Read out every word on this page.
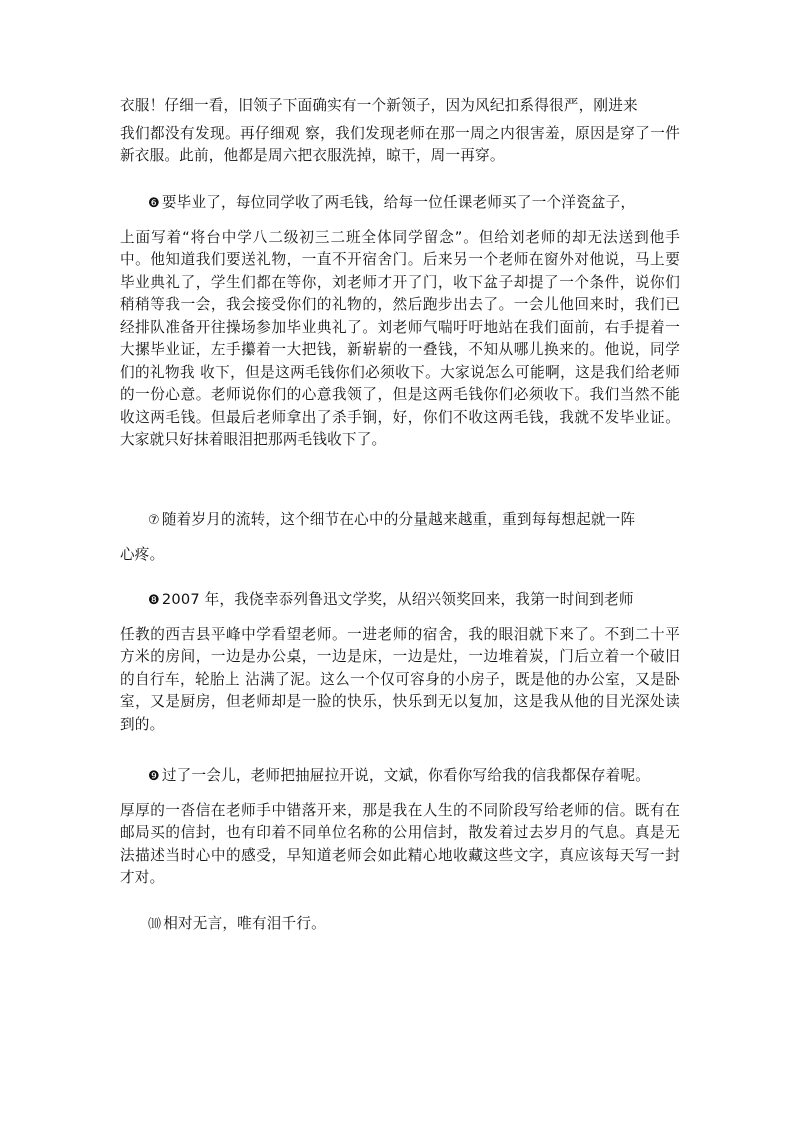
衣服！仔细一看，旧领子下面确实有一个新领子，因为风纪扣系得很严，刚进来

我们都没有发现。再仔细观 察，我们发现老师在那一周之内很害羞，原因是穿了一件新衣服。此前，他都是周六把衣服洗掉，晾干，周一再穿。

❻ 要毕业了，每位同学收了两毛钱，给每一位任课老师买了一个洋瓷盆子，

上面写着“将台中学八二级初三二班全体同学留念”。但给刘老师的却无法送到他手中。他知道我们要送礼物，一直不开宿舍门。后来另一个老师在窗外对他说，马上要毕业典礼了，学生们都在等你，刘老师才开了门，收下盆子却提了一个条件，说你们稍稍等我一会，我会接受你们的礼物的，然后跑步出去了。一会儿他回来时，我们已经排队准备开往操场参加毕业典礼了。刘老师气喘吁吁地站在我们面前，右手提着一大摞毕业证，左手攥着一大把钱，新崭崭的一叠钱，不知从哪儿换来的。他说，同学们的礼物我 收下，但是这两毛钱你们必须收下。大家说怎么可能啊，这是我们给老师的一份心意。老师说你们的心意我领了，但是这两毛钱你们必须收下。我们当然不能收这两毛钱。但最后老师拿出了杀手锏，好，你们不收这两毛钱，我就不发毕业证。大家就只好抹着眼泪把那两毛钱收下了。

⑦ 随着岁月的流转，这个细节在心中的分量越来越重，重到每每想起就一阵

心疼。

❽ 2007 年，我侥幸忝列鲁迅文学奖，从绍兴领奖回来，我第一时间到老师

任教的西吉县平峰中学看望老师。一进老师的宿舍，我的眼泪就下来了。不到二十平方米的房间，一边是办公桌，一边是床，一边是灶，一边堆着炭，门后立着一个破旧的自行车，轮胎上 沾满了泥。这么一个仅可容身的小房子，既是他的办公室，又是卧室，又是厨房，但老师却是一脸的快乐，快乐到无以复加，这是我从他的目光深处读到的。

❾ 过了一会儿，老师把抽屉拉开说，文斌，你看你写给我的信我都保存着呢。

厚厚的一沓信在老师手中错落开来，那是我在人生的不同阶段写给老师的信。既有在邮局买的信封，也有印着不同单位名称的公用信封，散发着过去岁月的气息。真是无法描述当时心中的感受，早知道老师会如此精心地收藏这些文字，真应该每天写一封才对。

⑽ 相对无言，唯有泪千行。
